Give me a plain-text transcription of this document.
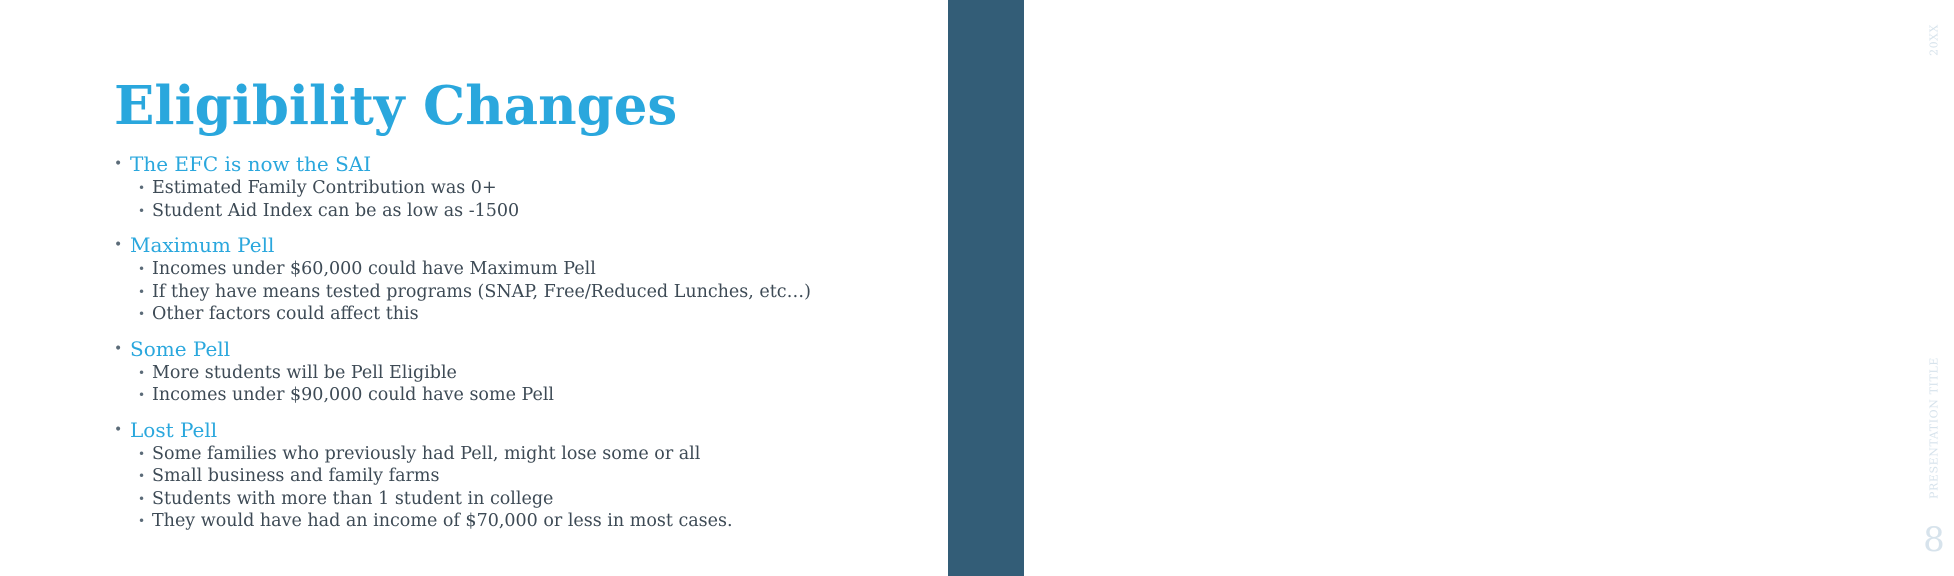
20XX
PRESENTATION TITLE
8
Eligibility Changes
• The EFC is now the SAI
• Estimated Family Contribution was 0+
• Student Aid Index can be as low as -1500
• Maximum Pell
• Incomes under $60,000 could have Maximum Pell
• If they have means tested programs (SNAP, Free/Reduced Lunches, etc…)
• Other factors could affect this
• Some Pell
• More students will be Pell Eligible
• Incomes under $90,000 could have some Pell
• Lost Pell
• Some families who previously had Pell, might lose some or all
• Small business and family farms
• Students with more than 1 student in college
• They would have had an income of $70,000 or less in most cases.
